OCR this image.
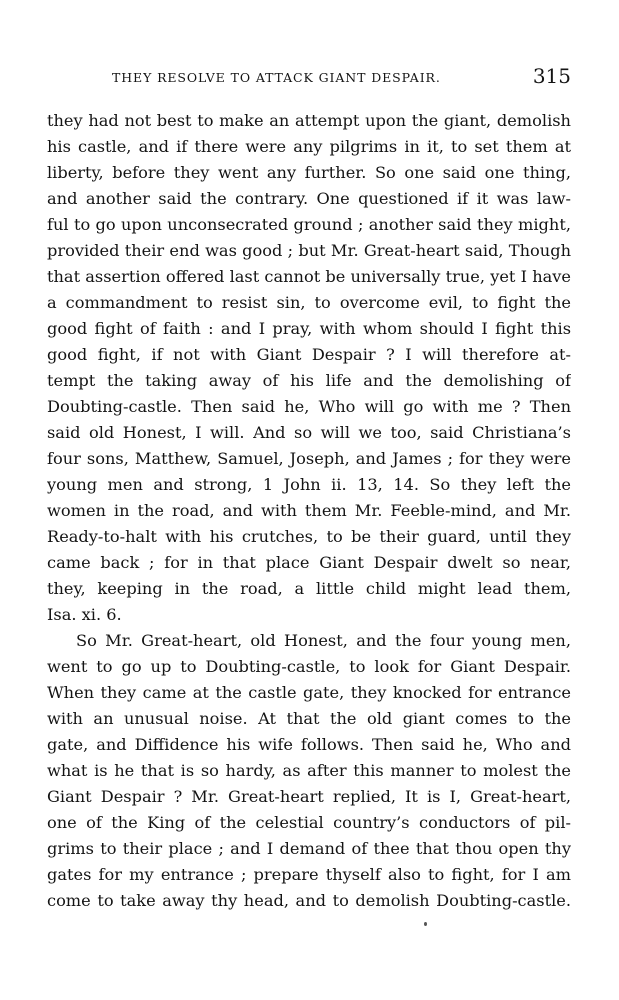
THEY RESOLVE TO ATTACK GIANT DESPAIR.	315
they had not best to make an attempt upon the giant, demolish
his castle, and if there were any pilgrims in it, to set them at
liberty, before they went any further. So one said one thing,
and another said the contrary. One questioned if it was law-
ful to go upon unconsecrated ground ; another said they might,
provided their end was good ; but Mr. Great-heart said, Though
that assertion offered last cannot be universally true, yet I have
a commandment to resist sin, to overcome evil, to fight the
good fight of faith : and I pray, with whom should I fight this
good fight, if not with Giant Despair ? I will therefore at-
tempt the taking away of his life and the demolishing of
Doubting-castle. Then said he, Who will go with me ? Then
said old Honest, I will. And so will we too, said Christiana’s
four sons, Matthew, Samuel, Joseph, and James ; for they were
young men and strong, 1 John ii. 13, 14. So they left the
women in the road, and with them Mr. Feeble-mind, and Mr.
Ready-to-halt with his crutches, to be their guard, until they
came back ; for in that place Giant Despair dwelt so near,
they, keeping in the road, a little child might lead them,
Isa. xi. 6.
So Mr. Great-heart, old Honest, and the four young men,
went to go up to Doubting-castle, to look for Giant Despair.
When they came at the castle gate, they knocked for entrance
with an unusual noise. At that the old giant comes to the
gate, and Diffidence his wife follows. Then said he, Who and
what is he that is so hardy, as after this manner to molest the
Giant Despair ? Mr. Great-heart replied, It is I, Great-heart,
one of the King of the celestial country’s conductors of pil-
grims to their place ; and I demand of thee that thou open thy
gates for my entrance ; prepare thyself also to fight, for I am
come to take away thy head, and to demolish Doubting-castle.
